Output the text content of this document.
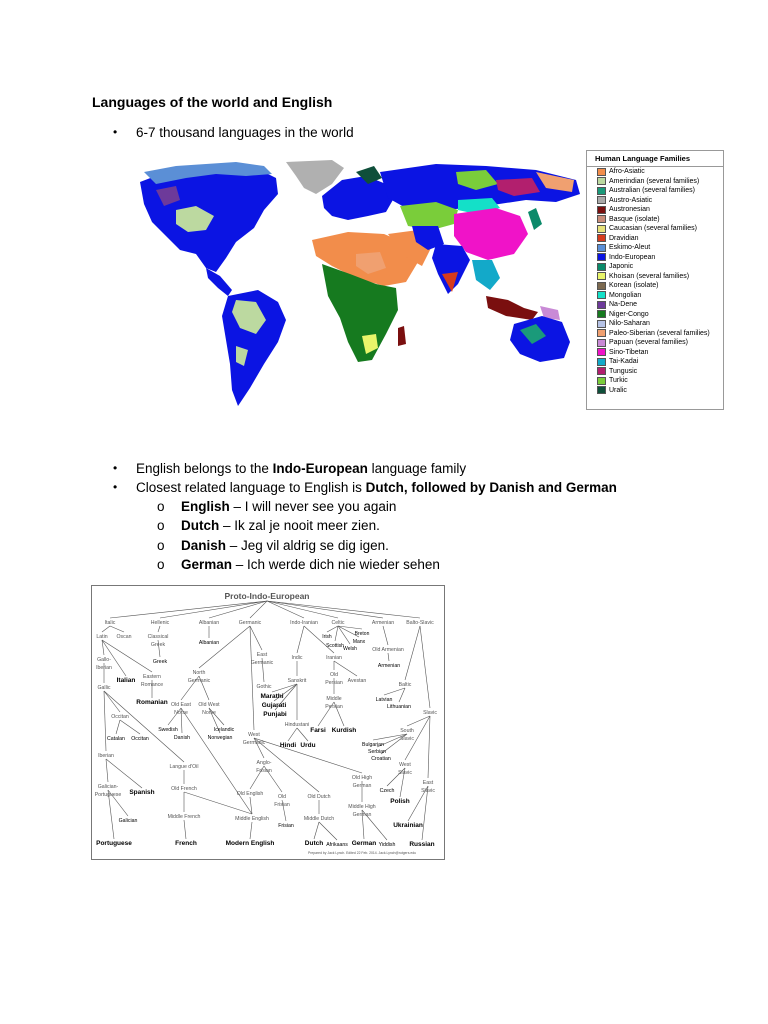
Languages of the world and English
• 6-7 thousand languages in the world
Human Language Families
Afro-Asiatic
Amerindian (several families)
Australian (several families)
Austro-Asiatic
Austronesian
Basque (isolate)
Caucasian (several families)
Dravidian
Eskimo-Aleut
Indo-European
Japonic
Khoisan (several families)
Korean (isolate)
Mongolian
Na-Dene
Niger-Congo
Nilo-Saharan
Paleo-Siberian (several families)
Papuan (several families)
Sino-Tibetan
Tai-Kadai
Tungusic
Turkic
Uralic
• English belongs to the Indo-European language family
• Closest related language to English is Dutch, followed by Danish and German
o English – I will never see you again
o Dutch – Ik zal je nooit meer zien.
o Danish – Jeg vil aldrig se dig igen.
o German – Ich werde dich nie wieder sehen
Proto-Indo-European
Italic	Hellenic	Albanian	Germanic	Indo-Iranian	Celtic	Armenian Balto-Slavic
Latin Oscan	Classical
Greek
Greek
Albanian
Irish	Breton
Manx
Scottish Welsh	Old Armenian
Armenian
Gallo-
Iberian
Eastern
Romance
Italian
Romanian
Gallic
East
Germanic
Gothic
North
Germanic
Old East
Norse
Old West
Norse
Swedish
Danish
Icelandic
Norwegian
Indic	Iranian
Sanskrit
Old
Persian Avestan
Marathi
Gujarati
Punjabi
Middle
Persian
Hindustani
Hindi Urdu
Farsi Kurdish
Baltic
Latvian
Lithuanian
Slavic
South
Slavic
Bulgarian
Serbian
Croatian
West
Slavic
East
Slavic
Czech
Polish
Ukrainian
Russian
Occitan
Catalan Occitan
Iberian
Langue d'Oil
Galician-
Portuguese Spanish	Old French
Middle French
Galician
Portuguese	French
West
Germanic
Anglo-
Frisian
Old English	Old
Frisian
Old Dutch
Old High
German
Middle High
German
Middle English
Frisian
Middle Dutch
Modern English	Dutch Afrikaans German Yiddish
Prepared by Jack Lynch. Edited 22 Feb. 2014. Jack.Lynch@rutgers.edu
